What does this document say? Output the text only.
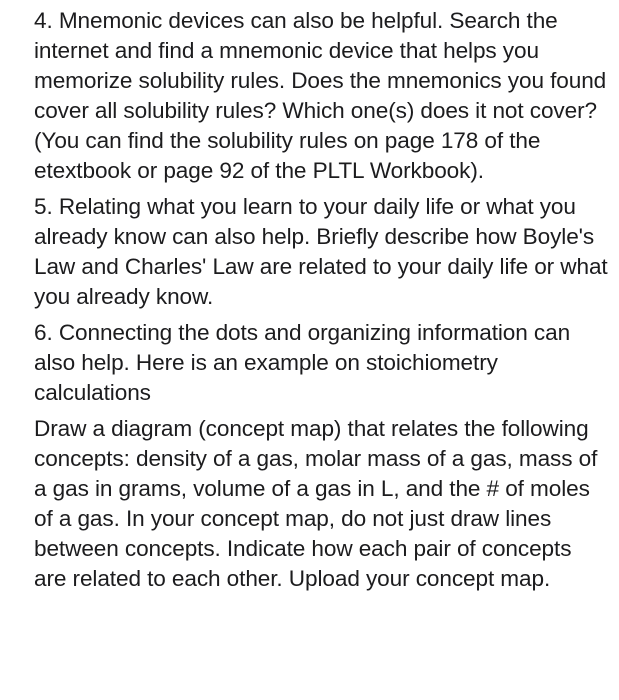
4. Mnemonic devices can also be helpful. Search the internet and find a mnemonic device that helps you memorize solubility rules. Does the mnemonics you found cover all solubility rules? Which one(s) does it not cover? (You can find the solubility rules on page 178 of the etextbook or page 92 of the PLTL Workbook).

5. Relating what you learn to your daily life or what you already know can also help. Briefly describe how Boyle's Law and Charles' Law are related to your daily life or what you already know.

6. Connecting the dots and organizing information can also help. Here is an example on stoichiometry calculations

Draw a diagram (concept map) that relates the following concepts: density of a gas, molar mass of a gas, mass of a gas in grams, volume of a gas in L, and the # of moles of a gas. In your concept map, do not just draw lines between concepts. Indicate how each pair of concepts are related to each other. Upload your concept map.
